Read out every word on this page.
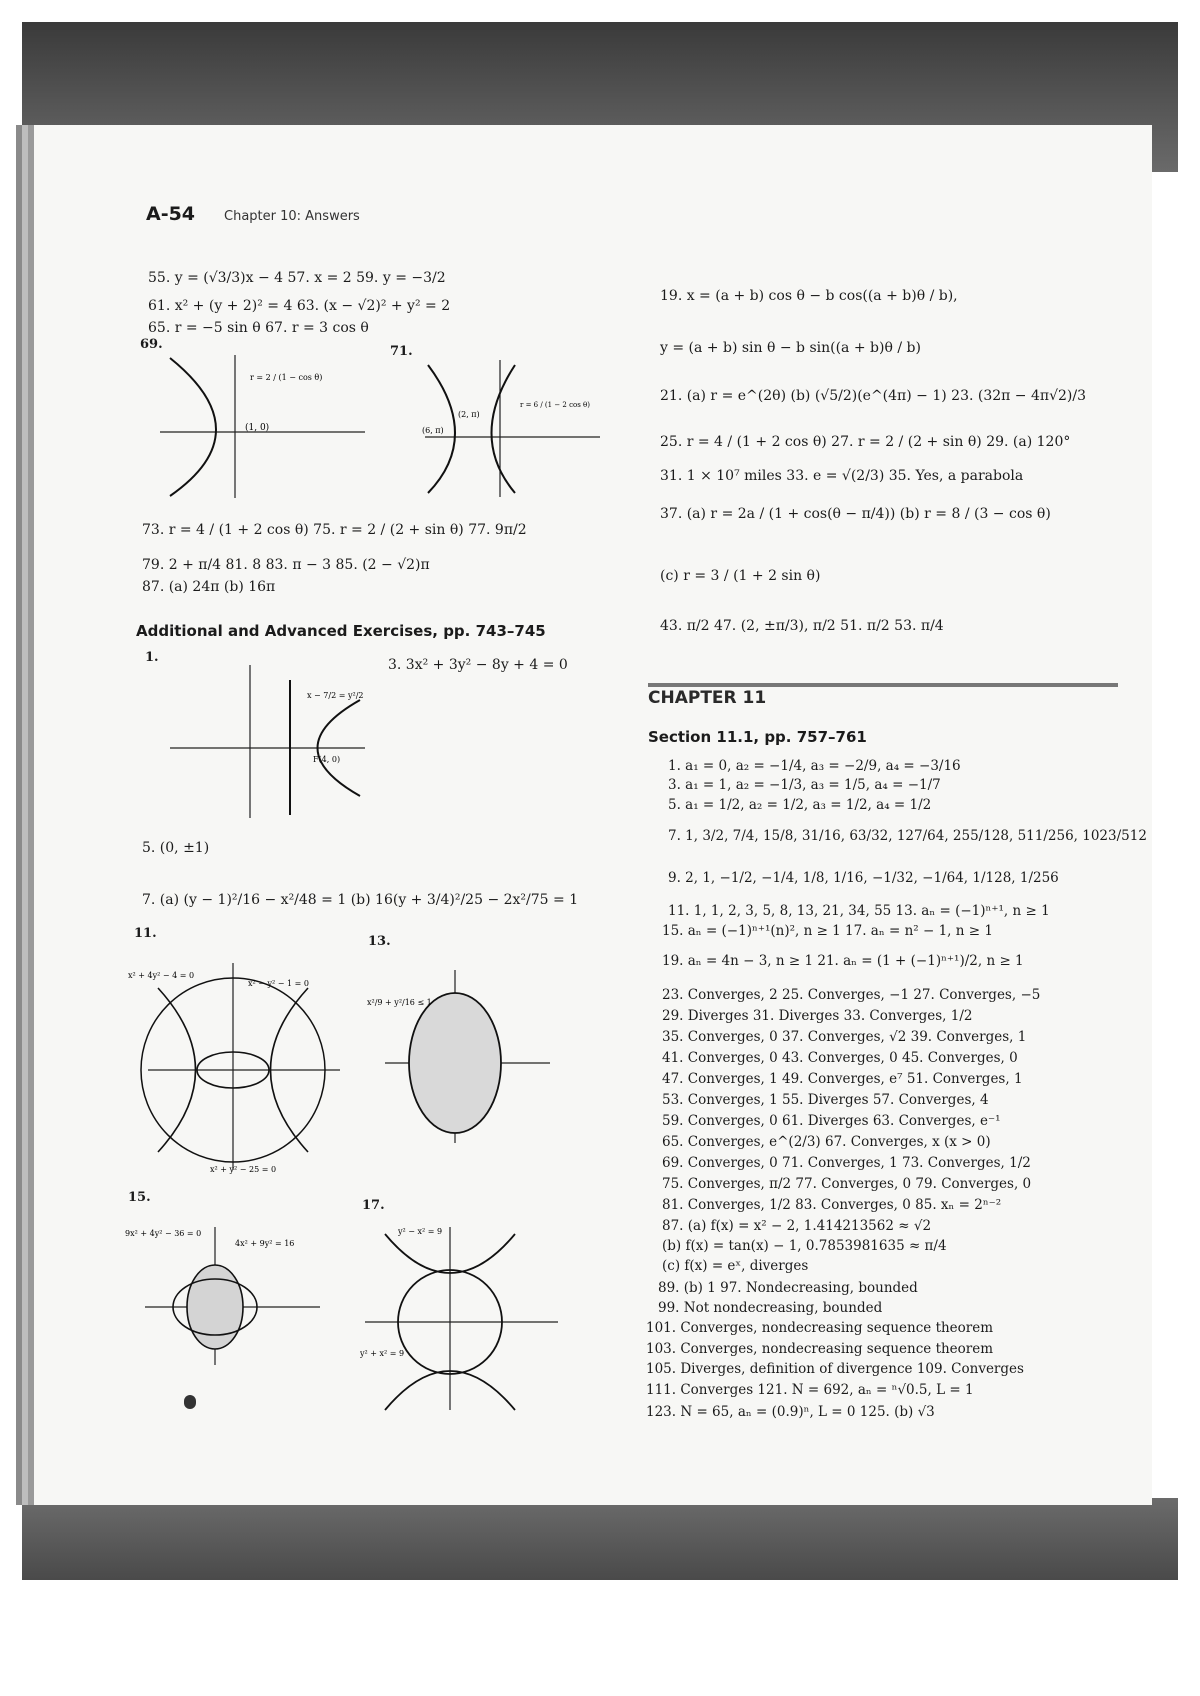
A-54 Chapter 10: Answers
55. y = (√3/3)x − 4 57. x = 2 59. y = −3/2
61. x² + (y + 2)² = 4 63. (x − √2)² + y² = 2
65. r = −5 sin θ 67. r = 3 cos θ
69.	71.
(1, 0)
r = 2 / (1 − cos θ)
(6, π)
(2, π)
r = 6 / (1 − 2 cos θ)
73. r = 4 / (1 + 2 cos θ) 75. r = 2 / (2 + sin θ) 77. 9π/2
79. 2 + π/4 81. 8 83. π − 3 85. (2 − √2)π
87. (a) 24π (b) 16π
Additional and Advanced Exercises, pp. 743–745
1.	3. 3x² + 3y² − 8y + 4 = 0
x − 7/2 = y²/2
F(4, 0)
5. (0, ±1)
7. (a) (y − 1)²/16 − x²/48 = 1 (b) 16(y + 3/4)²/25 − 2x²/75 = 1
11.
13.
x² + 4y² − 4 = 0
x² − y² − 1 = 0
x² + y² − 25 = 0
x²/9 + y²/16 ≤ 1
15.
17.
9x² + 4y² − 36 = 0
4x² + 9y² = 16
y² + x² = 9
y² − x² = 9
19. x = (a + b) cos θ − b cos((a + b)θ / b),
y = (a + b) sin θ − b sin((a + b)θ / b)
21. (a) r = e^(2θ) (b) (√5/2)(e^(4π) − 1) 23. (32π − 4π√2)/3
25. r = 4 / (1 + 2 cos θ) 27. r = 2 / (2 + sin θ) 29. (a) 120°
31. 1 × 10⁷ miles 33. e = √(2/3) 35. Yes, a parabola
37. (a) r = 2a / (1 + cos(θ − π/4)) (b) r = 8 / (3 − cos θ)
(c) r = 3 / (1 + 2 sin θ)
43. π/2 47. (2, ±π/3), π/2 51. π/2 53. π/4
CHAPTER 11
Section 11.1, pp. 757–761
1. a₁ = 0, a₂ = −1/4, a₃ = −2/9, a₄ = −3/16
3. a₁ = 1, a₂ = −1/3, a₃ = 1/5, a₄ = −1/7
5. a₁ = 1/2, a₂ = 1/2, a₃ = 1/2, a₄ = 1/2
7. 1, 3/2, 7/4, 15/8, 31/16, 63/32, 127/64, 255/128, 511/256, 1023/512
9. 2, 1, −1/2, −1/4, 1/8, 1/16, −1/32, −1/64, 1/128, 1/256
11. 1, 1, 2, 3, 5, 8, 13, 21, 34, 55 13. aₙ = (−1)ⁿ⁺¹, n ≥ 1
15. aₙ = (−1)ⁿ⁺¹(n)², n ≥ 1 17. aₙ = n² − 1, n ≥ 1
19. aₙ = 4n − 3, n ≥ 1 21. aₙ = (1 + (−1)ⁿ⁺¹)/2, n ≥ 1
23. Converges, 2 25. Converges, −1 27. Converges, −5
29. Diverges 31. Diverges 33. Converges, 1/2
35. Converges, 0 37. Converges, √2 39. Converges, 1
41. Converges, 0 43. Converges, 0 45. Converges, 0
47. Converges, 1 49. Converges, e⁷ 51. Converges, 1
53. Converges, 1 55. Diverges 57. Converges, 4
59. Converges, 0 61. Diverges 63. Converges, e⁻¹
65. Converges, e^(2/3) 67. Converges, x (x > 0)
69. Converges, 0 71. Converges, 1 73. Converges, 1/2
75. Converges, π/2 77. Converges, 0 79. Converges, 0
81. Converges, 1/2 83. Converges, 0 85. xₙ = 2ⁿ⁻²
87. (a) f(x) = x² − 2, 1.414213562 ≈ √2
(b) f(x) = tan(x) − 1, 0.7853981635 ≈ π/4
(c) f(x) = eˣ, diverges
89. (b) 1 97. Nondecreasing, bounded
99. Not nondecreasing, bounded
101. Converges, nondecreasing sequence theorem
103. Converges, nondecreasing sequence theorem
105. Diverges, definition of divergence 109. Converges
111. Converges 121. N = 692, aₙ = ⁿ√0.5, L = 1
123. N = 65, aₙ = (0.9)ⁿ, L = 0 125. (b) √3
